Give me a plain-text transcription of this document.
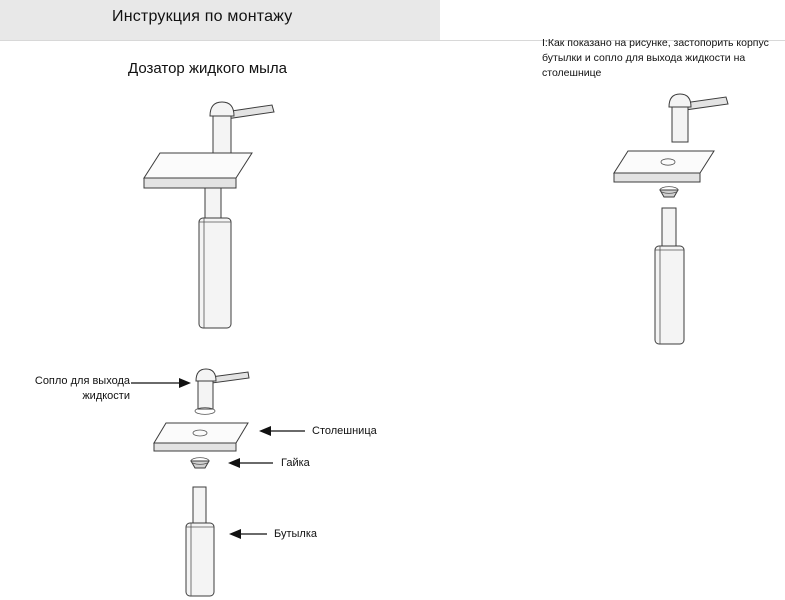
Инструкция по монтажу
Дозатор жидкого мыла
I:Как показано на рисунке, застопорить корпус бутылки и сопло для выхода жидкости на столешнице
Сопло для выхода жидкости
Столешница
Гайка
Бутылка
